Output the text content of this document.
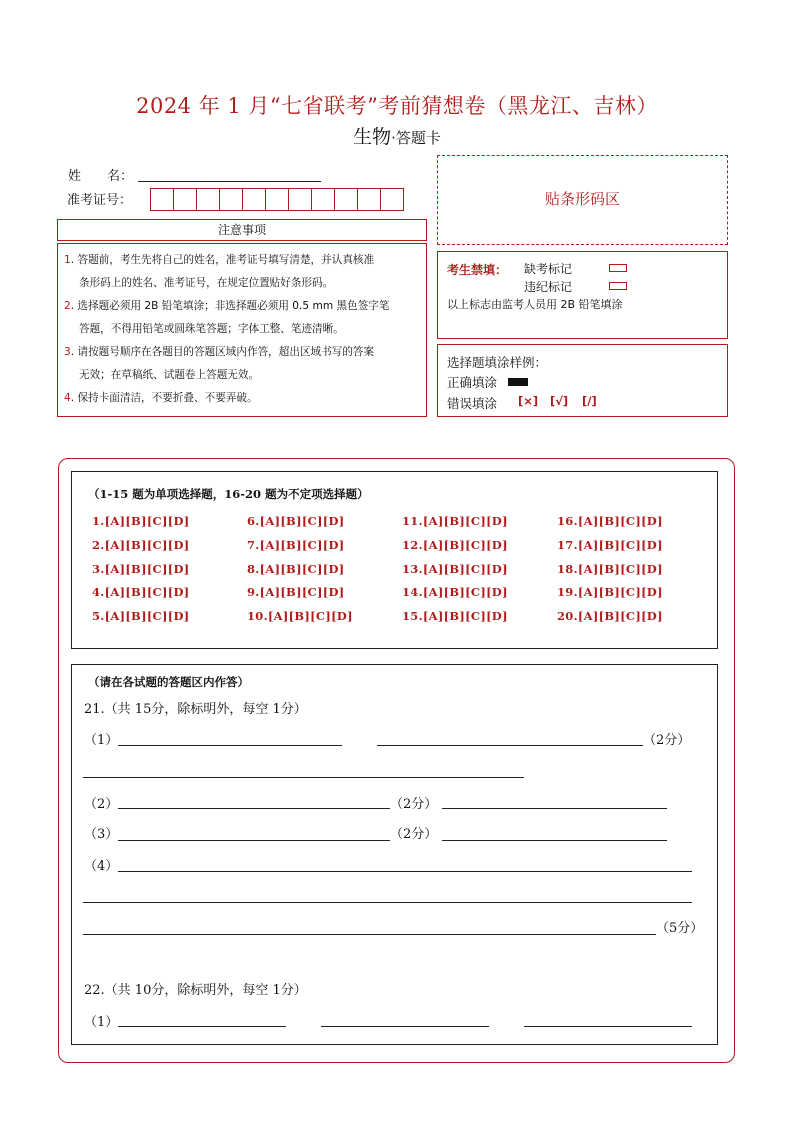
2024 年 1 月“七省联考”考前猜想卷（黑龙江、吉林）
生物·答题卡
姓　　名：
准考证号：
注意事项
1. 答题前，考生先将自己的姓名，准考证号填写清楚，并认真核准
条形码上的姓名、准考证号，在规定位置贴好条形码。
2. 选择题必须用 2B 铅笔填涂；非选择题必须用 0.5 mm 黑色签字笔
答题，不得用铅笔或圆珠笔答题；字体工整、笔迹清晰。
3. 请按题号顺序在各题目的答题区域内作答，超出区域书写的答案
无效；在草稿纸、试题卷上答题无效。
4. 保持卡面清洁，不要折叠、不要弄破。
贴条形码区
考生禁填： 缺考标记
违纪标记
以上标志由监考人员用 2B 铅笔填涂
选择题填涂样例：
正确填涂
错误填涂 [×] [√] [/]
（1-15 题为单项选择题，16-20 题为不定项选择题）
1.[A][B][C][D]
2.[A][B][C][D]
3.[A][B][C][D]
4.[A][B][C][D]
5.[A][B][C][D]
6.[A][B][C][D]
7.[A][B][C][D]
8.[A][B][C][D]
9.[A][B][C][D]
10.[A][B][C][D]
11.[A][B][C][D]
12.[A][B][C][D]
13.[A][B][C][D]
14.[A][B][C][D]
15.[A][B][C][D]
16.[A][B][C][D]
17.[A][B][C][D]
18.[A][B][C][D]
19.[A][B][C][D]
20.[A][B][C][D]
（请在各试题的答题区内作答）
21.（共 15分，除标明外，每空 1分）
（1）	（2分）
（2）	（2分）
（3）	（2分）
（4）
（5分）
22.（共 10分，除标明外，每空 1分）
（1）
